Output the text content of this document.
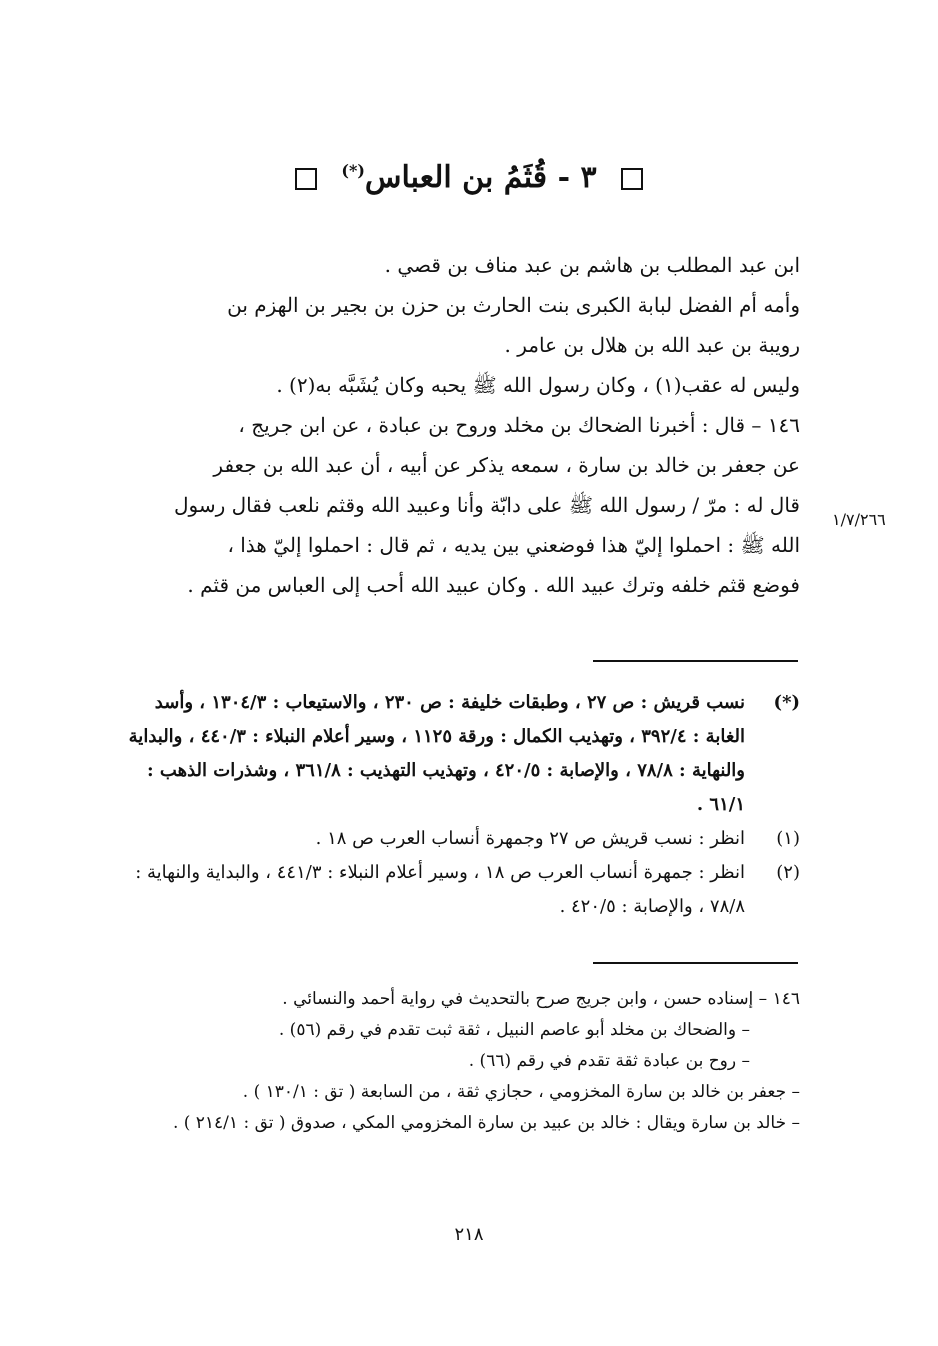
٣ - قُثَمُ بن العباس(*)

ابن عبد المطلب بن هاشم بن عبد مناف بن قصي .

وأمه أم الفضل لبابة الكبرى بنت الحارث بن حزن بن بجير بن الهزم بن

رويبة بن عبد الله بن هلال بن عامر .

وليس له عقب(١) ، وكان رسول الله ﷺ يحبه وكان يُشَبَّه به(٢) .

١٤٦ – قال : أخبرنا الضحاك بن مخلد وروح بن عبادة ، عن ابن جريج ،

عن جعفر بن خالد بن سارة ، سمعه يذكر عن أبيه ، أن عبد الله بن جعفر

قال له : مرّ / رسول الله ﷺ على دابّة وأنا وعبيد الله وقثم نلعب فقال رسول

الله ﷺ : احملوا إليّ هذا فوضعني بين يديه ، ثم قال : احملوا إليّ هذا ،

فوضع قثم خلفه وترك عبيد الله . وكان عبيد الله أحب إلى العباس من قثم .

١/٧/٢٦٦

(*)
نسب قريش : ص ٢٧ ، وطبقات خليفة : ص ٢٣٠ ، والاستيعاب : ١٣٠٤/٣ ، وأسد الغابة : ٣٩٢/٤ ، وتهذيب الكمال : ورقة ١١٢٥ ، وسير أعلام النبلاء : ٤٤٠/٣ ، والبداية والنهاية : ٧٨/٨ ، والإصابة : ٤٢٠/٥ ، وتهذيب التهذيب : ٣٦١/٨ ، وشذرات الذهب : ٦١/١ .

(١)
انظر : نسب قريش ص ٢٧ وجمهرة أنساب العرب ص ١٨ .

(٢)
انظر : جمهرة أنساب العرب ص ١٨ ، وسير أعلام النبلاء : ٤٤١/٣ ، والبداية والنهاية : ٧٨/٨ ، والإصابة : ٤٢٠/٥ .

١٤٦ – إسناده حسن ، وابن جريج صرح بالتحديث في رواية أحمد والنسائي .

– والضحاك بن مخلد أبو عاصم النبيل ، ثقة ثبت تقدم في رقم (٥٦) .

– روح بن عبادة ثقة تقدم في رقم (٦٦) .

– جعفر بن خالد بن سارة المخزومي ، حجازي ثقة ، من السابعة ( تق : ١٣٠/١ ) .

– خالد بن سارة ويقال : خالد بن عبيد بن سارة المخزومي المكي ، صدوق ( تق : ٢١٤/١ ) .

٢١٨
